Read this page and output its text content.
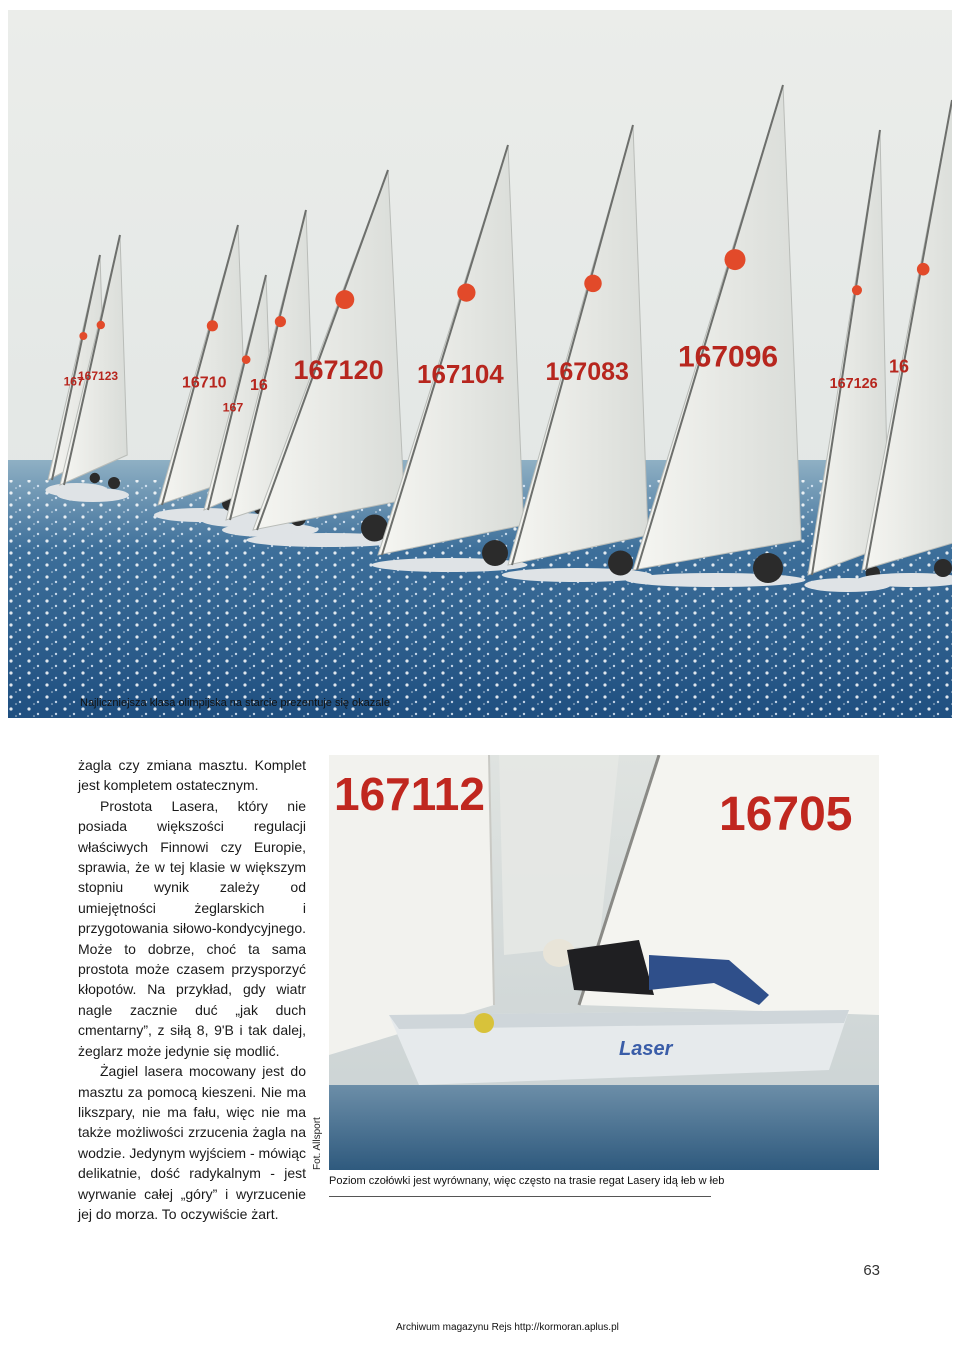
167
167123	16710
167
16
167120 167104 167083 167096
167126
16
Najliczniejsza klasa olimpijska na starcie prezentuje się okazale

żagla czy zmiana masztu. Komplet jest kompletem ostatecznym.

Prostota Lasera, który nie posiada większości regulacji właściwych Finnowi czy Europie, sprawia, że w tej klasie w większym stopniu wynik zależy od umiejętności żeglarskich i przygotowania siłowo-kondycyjnego. Może to dobrze, choć ta sama prostota może czasem przysporzyć kłopotów. Na przykład, gdy wiatr nagle zacznie duć „jak duch cmentarny”, z siłą 8, 9'B i tak dalej, żeglarz może jedynie się modlić.

Żagiel lasera mocowany jest do masztu za pomocą kieszeni. Nie ma likszpary, nie ma fału, więc nie ma także możliwości zrzucenia żagla na wodzie. Jedynym wyjściem - mówiąc delikatnie, dość radykalnym - jest wyrwanie całej „góry” i wyrzucenie jej do morza. To oczywiście żart.

167112	16705
Laser
Fot. Allsport
Poziom czołówki jest wyrównany, więc często na trasie regat Lasery idą łeb w łeb
63
Archiwum magazynu Rejs http://kormoran.aplus.pl
